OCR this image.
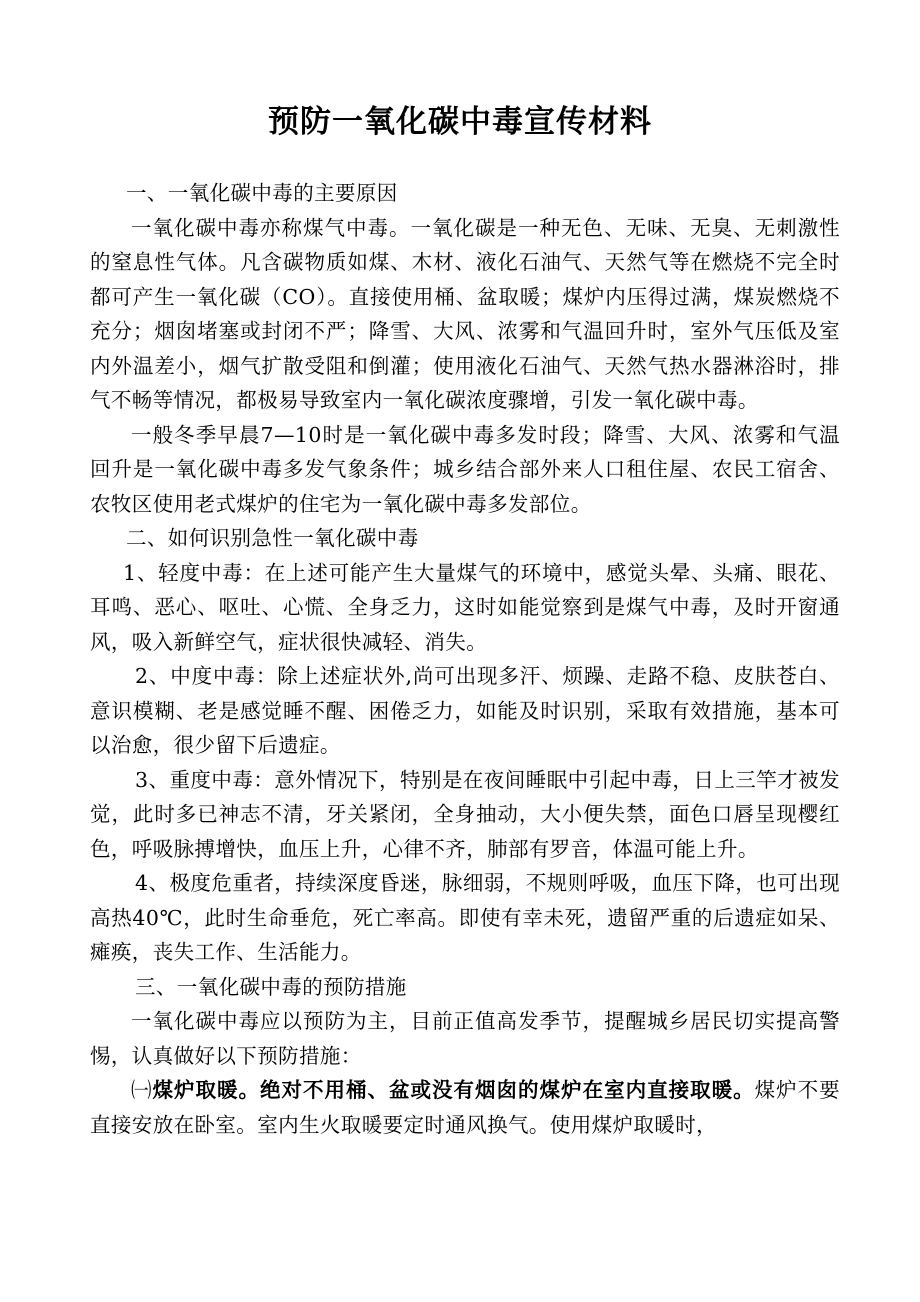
预防一氧化碳中毒宣传材料

一、一氧化碳中毒的主要原因

一氧化碳中毒亦称煤气中毒。一氧化碳是一种无色、无味、无臭、无刺激性的窒息性气体。凡含碳物质如煤、木材、液化石油气、天然气等在燃烧不完全时都可产生一氧化碳（CO）。直接使用桶、盆取暖；煤炉内压得过满，煤炭燃烧不充分；烟囱堵塞或封闭不严；降雪、大风、浓雾和气温回升时，室外气压低及室内外温差小，烟气扩散受阻和倒灌；使用液化石油气、天然气热水器淋浴时，排气不畅等情况，都极易导致室内一氧化碳浓度骤增，引发一氧化碳中毒。

一般冬季早晨7—10时是一氧化碳中毒多发时段；降雪、大风、浓雾和气温回升是一氧化碳中毒多发气象条件；城乡结合部外来人口租住屋、农民工宿舍、农牧区使用老式煤炉的住宅为一氧化碳中毒多发部位。

二、如何识别急性一氧化碳中毒

1、轻度中毒：在上述可能产生大量煤气的环境中，感觉头晕、头痛、眼花、耳鸣、恶心、呕吐、心慌、全身乏力，这时如能觉察到是煤气中毒，及时开窗通风，吸入新鲜空气，症状很快减轻、消失。

2、中度中毒：除上述症状外,尚可出现多汗、烦躁、走路不稳、皮肤苍白、意识模糊、老是感觉睡不醒、困倦乏力，如能及时识别，采取有效措施，基本可以治愈，很少留下后遗症。

3、重度中毒：意外情况下，特别是在夜间睡眠中引起中毒，日上三竿才被发觉，此时多已神志不清，牙关紧闭，全身抽动，大小便失禁，面色口唇呈现樱红色，呼吸脉搏增快，血压上升，心律不齐，肺部有罗音，体温可能上升。

4、极度危重者，持续深度昏迷，脉细弱，不规则呼吸，血压下降，也可出现高热40℃，此时生命垂危，死亡率高。即使有幸未死，遗留严重的后遗症如呆、瘫痪，丧失工作、生活能力。

三、一氧化碳中毒的预防措施

一氧化碳中毒应以预防为主，目前正值高发季节，提醒城乡居民切实提高警惕，认真做好以下预防措施：

㈠煤炉取暖。绝对不用桶、盆或没有烟囱的煤炉在室内直接取暖。煤炉不要直接安放在卧室。室内生火取暖要定时通风换气。使用煤炉取暖时，
